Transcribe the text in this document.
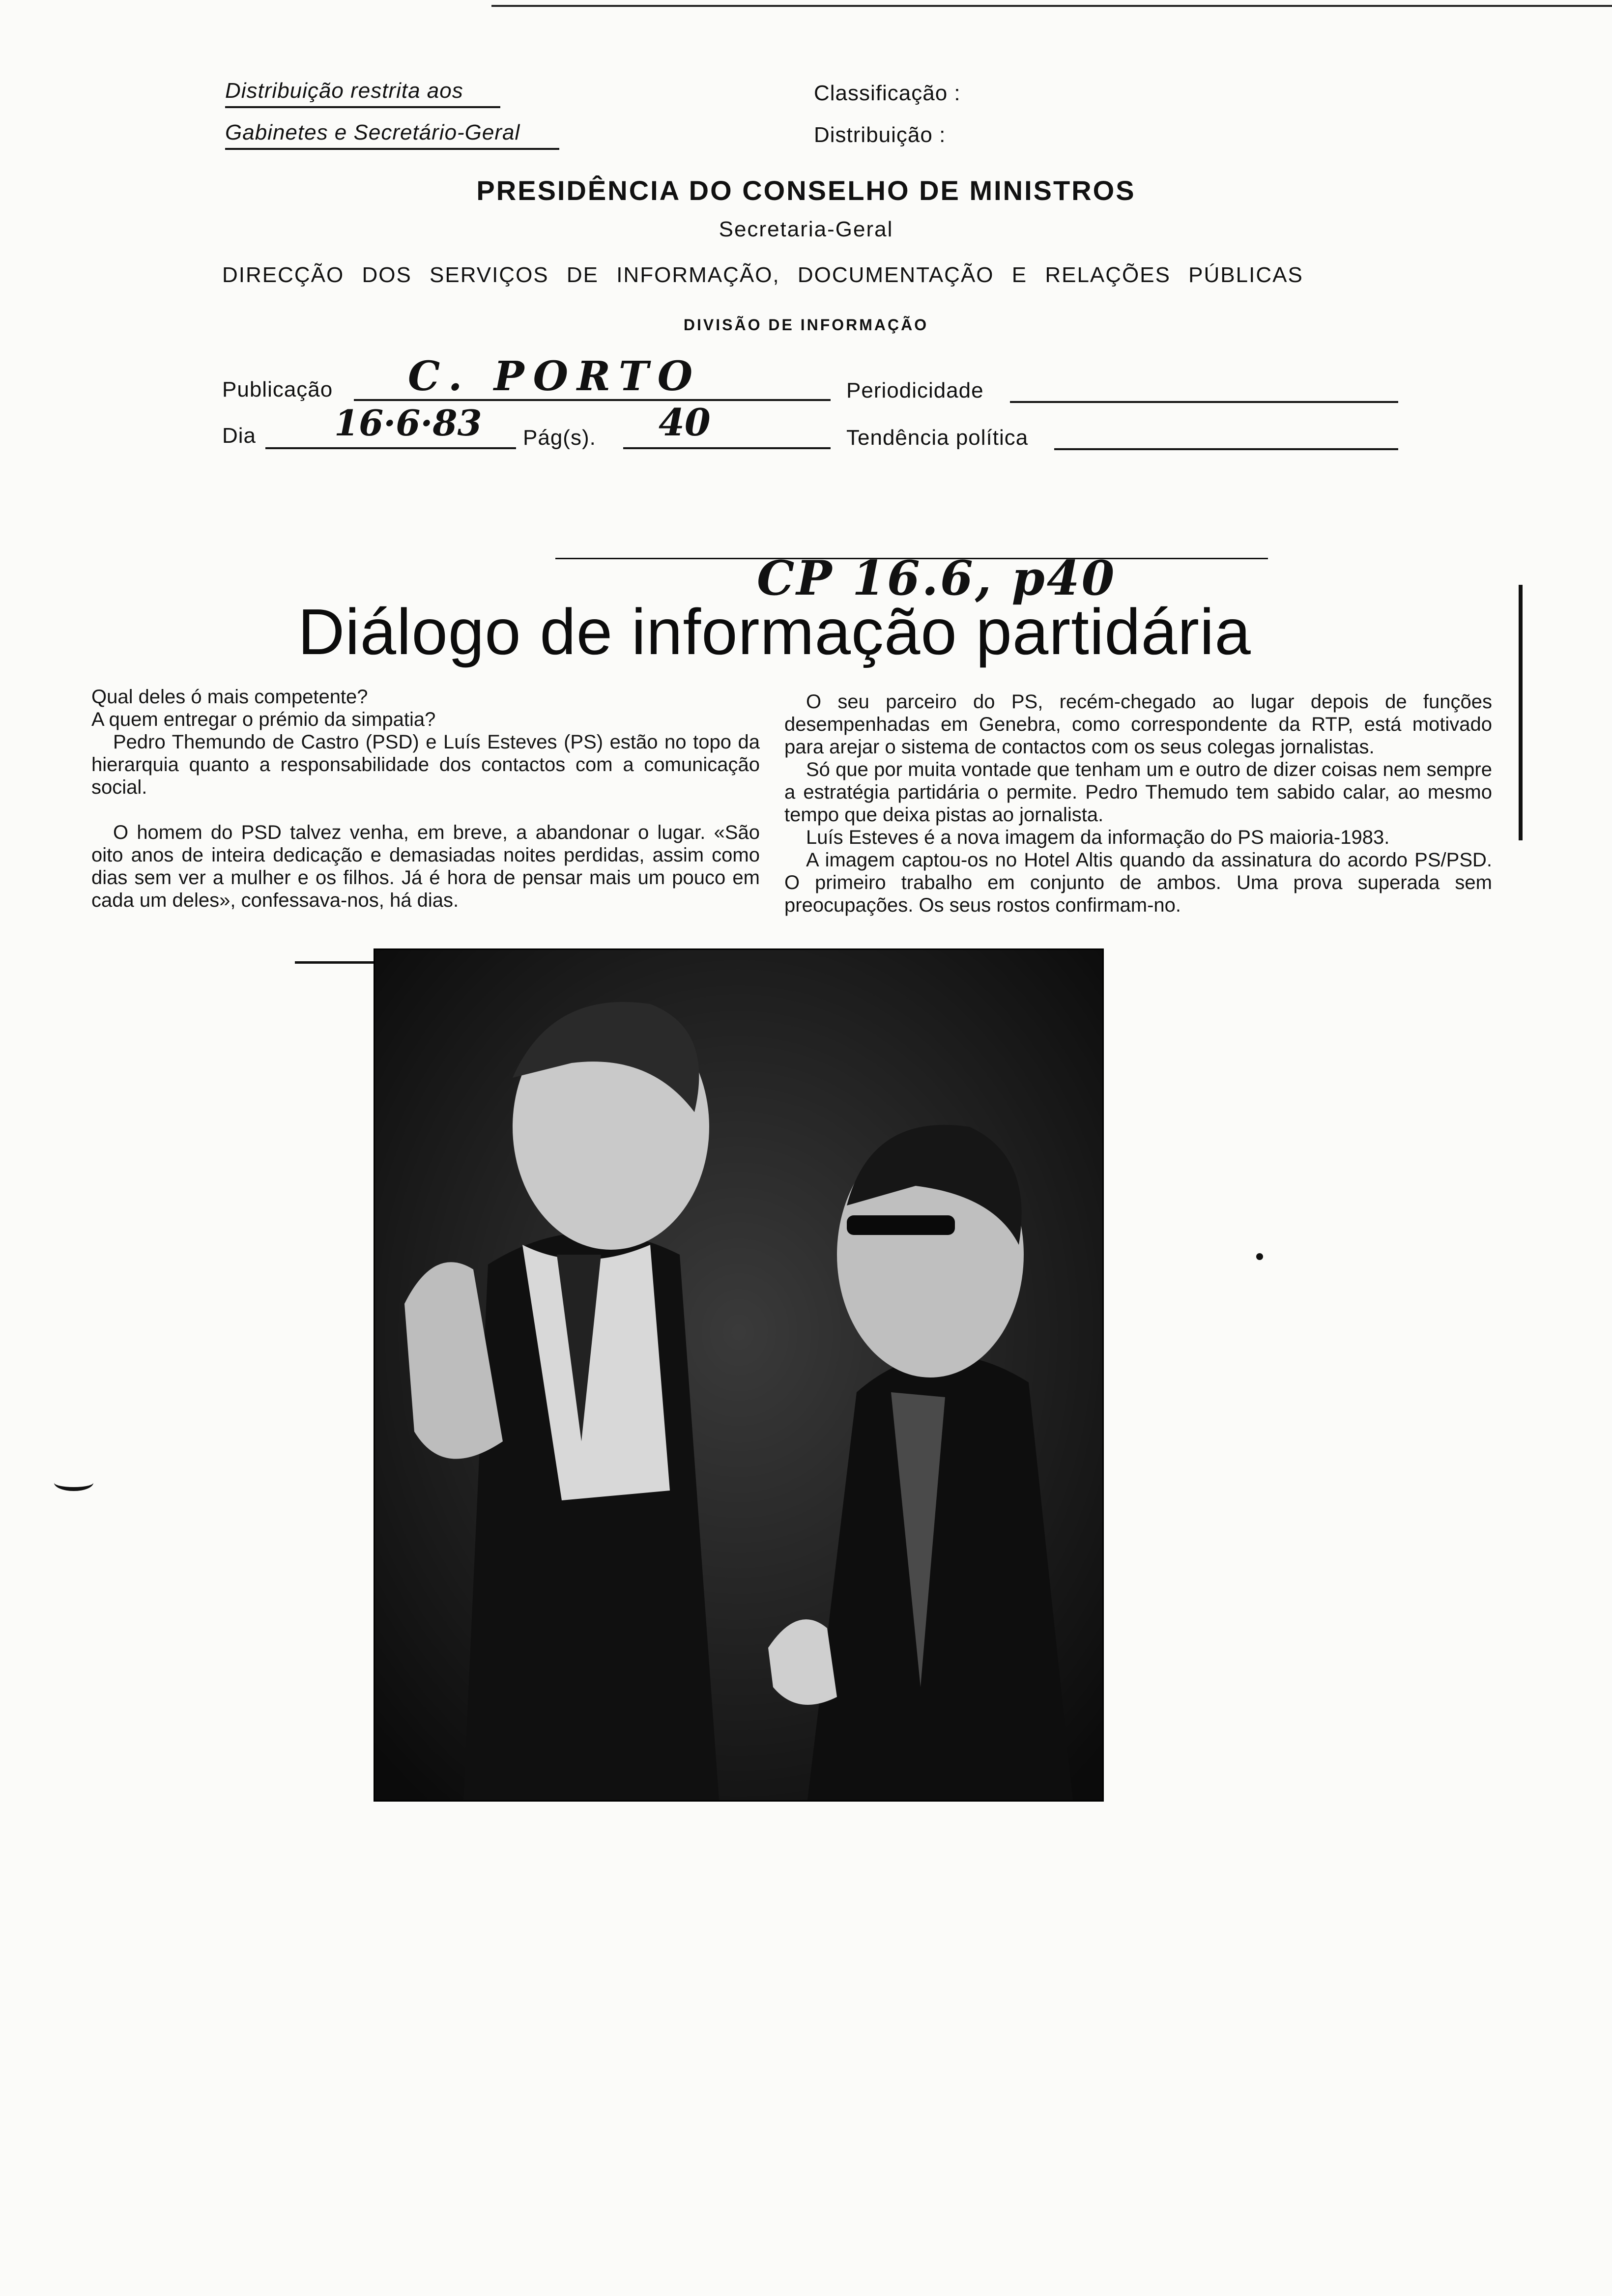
Distribuição restrita aos
Gabinetes e Secretário-Geral
Classificação :
Distribuição :
PRESIDÊNCIA DO CONSELHO DE MINISTROS
Secretaria-Geral
DIRECÇÃO DOS SERVIÇOS DE INFORMAÇÃO, DOCUMENTAÇÃO E RELAÇÕES PÚBLICAS
DIVISÃO DE INFORMAÇÃO
Publicação C. PORTO	Periodicidade
Dia 16·6·83 Pág(s). 40	Tendência política
CP 16.6, p40
Diálogo de informação partidária

Qual deles ó mais competente?

A quem entregar o prémio da simpatia?

Pedro Themundo de Castro (PSD) e Luís Esteves (PS) estão no topo da hierarquia quanto a responsabilidade dos contactos com a comunicação social.

O homem do PSD talvez venha, em breve, a abandonar o lugar. «São oito anos de inteira dedicação e demasiadas noites perdidas, assim como dias sem ver a mulher e os filhos. Já é hora de pensar mais um pouco em cada um deles», confessava-nos, há dias.

O seu parceiro do PS, recém-chegado ao lugar depois de funções desempenhadas em Genebra, como correspondente da RTP, está motivado para arejar o sistema de contactos com os seus colegas jornalistas.

Só que por muita vontade que tenham um e outro de dizer coisas nem sempre a estratégia partidária o permite. Pedro Themudo tem sabido calar, ao mesmo tempo que deixa pistas ao jornalista.

Luís Esteves é a nova imagem da informação do PS maioria-1983.

A imagem captou-os no Hotel Altis quando da assinatura do acordo PS/PSD. O primeiro trabalho em conjunto de ambos. Uma prova superada sem preocupações. Os seus rostos confirmam-no.
